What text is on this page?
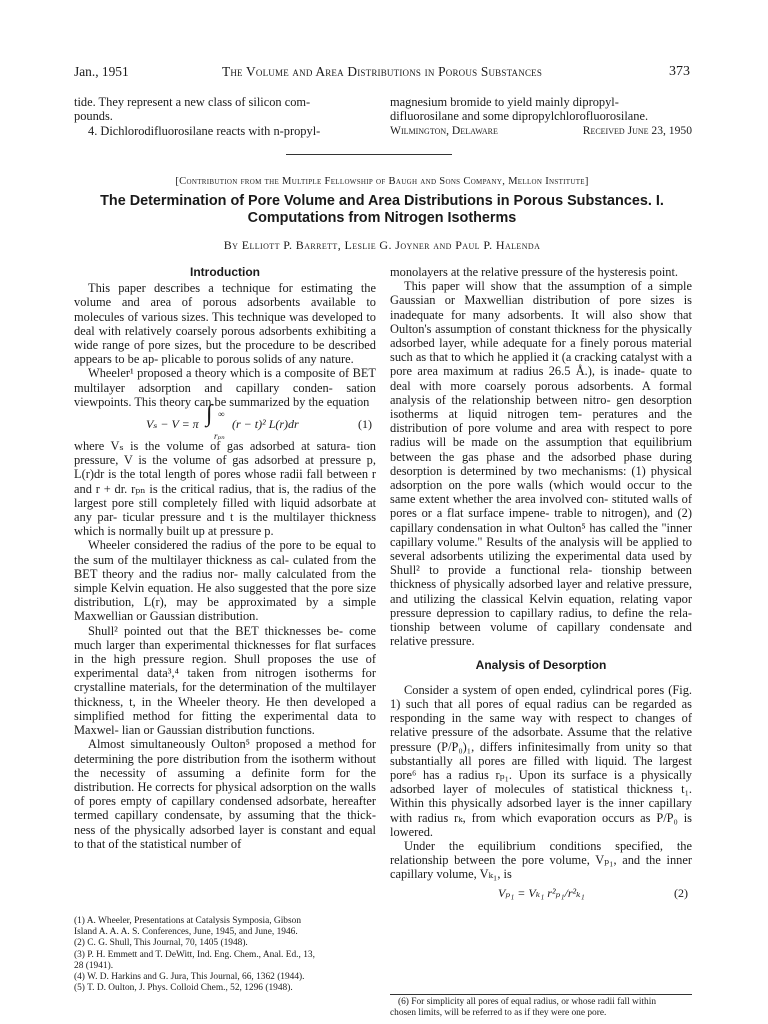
Jan., 1951	The Volume and Area Distributions in Porous Substances	373
tide. They represent a new class of silicon com-
pounds.
4. Dichlorodifluorosilane reacts with n-propyl-
magnesium bromide to yield mainly dipropyl-
difluorosilane and some dipropylchlorofluorosilane.
Wilmington, Delaware	Received June 23, 1950
[Contribution from the Multiple Fellowship of Baugh and Sons Company, Mellon Institute]
The Determination of Pore Volume and Area Distributions in Porous Substances. I.
Computations from Nitrogen Isotherms
By Elliott P. Barrett, Leslie G. Joyner and Paul P. Halenda
Introduction

This paper describes a technique for estimating the volume and area of porous adsorbents available to molecules of various sizes. This technique was developed to deal with relatively coarsely porous adsorbents exhibiting a wide range of pore sizes, but the procedure to be described appears to be ap- plicable to porous solids of any nature.

Wheeler¹ proposed a theory which is a composite of BET multilayer adsorption and capillary conden- sation viewpoints. This theory can be summarized by the equation

Vₛ − V = π ∫ ∞
rₚₙ
(r − t)² L(r)dr	(1)

where Vₛ is the volume of gas adsorbed at satura- tion pressure, V is the volume of gas adsorbed at pressure p, L(r)dr is the total length of pores whose radii fall between r and r + dr. rₚₙ is the critical radius, that is, the radius of the largest pore still completely filled with liquid adsorbate at any par- ticular pressure and t is the multilayer thickness which is normally built up at pressure p.

Wheeler considered the radius of the pore to be equal to the sum of the multilayer thickness as cal- culated from the BET theory and the radius nor- mally calculated from the simple Kelvin equation. He also suggested that the pore size distribution, L(r), may be approximated by a simple Maxwellian or Gaussian distribution.

Shull² pointed out that the BET thicknesses be- come much larger than experimental thicknesses for flat surfaces in the high pressure region. Shull proposes the use of experimental data³,⁴ taken from nitrogen isotherms for crystalline materials, for the determination of the multilayer thickness, t, in the Wheeler theory. He then developed a simplified method for fitting the experimental data to Maxwel- lian or Gaussian distribution functions.

Almost simultaneously Oulton⁵ proposed a method for determining the pore distribution from the isotherm without the necessity of assuming a definite form for the distribution. He corrects for physical adsorption on the walls of pores empty of capillary condensed adsorbate, hereafter termed capillary condensate, by assuming that the thick- ness of the physically adsorbed layer is constant and equal to that of the statistical number of

(1) A. Wheeler, Presentations at Catalysis Symposia, Gibson
Island A. A. A. S. Conferences, June, 1945, and June, 1946.
(2) C. G. Shull, This Journal, 70, 1405 (1948).
(3) P. H. Emmett and T. DeWitt, Ind. Eng. Chem., Anal. Ed., 13,
28 (1941).
(4) W. D. Harkins and G. Jura, This Journal, 66, 1362 (1944).
(5) T. D. Oulton, J. Phys. Colloid Chem., 52, 1296 (1948).

monolayers at the relative pressure of the hysteresis point.

This paper will show that the assumption of a simple Gaussian or Maxwellian distribution of pore sizes is inadequate for many adsorbents. It will also show that Oulton's assumption of constant thickness for the physically adsorbed layer, while adequate for a finely porous material such as that to which he applied it (a cracking catalyst with a pore area maximum at radius 26.5 Å.), is inade- quate to deal with more coarsely porous adsorbents. A formal analysis of the relationship between nitro- gen desorption isotherms at liquid nitrogen tem- peratures and the distribution of pore volume and area with respect to pore radius will be made on the assumption that equilibrium between the gas phase and the adsorbed phase during desorption is determined by two mechanisms: (1) physical adsorption on the pore walls (which would occur to the same extent whether the area involved con- stituted walls of pores or a flat surface impene- trable to nitrogen), and (2) capillary condensation in what Oulton⁵ has called the "inner capillary volume." Results of the analysis will be applied to several adsorbents utilizing the experimental data used by Shull² to provide a functional rela- tionship between thickness of physically adsorbed layer and relative pressure, and utilizing the classical Kelvin equation, relating vapor pressure depression to capillary radius, to define the rela- tionship between volume of capillary condensate and relative pressure.

Analysis of Desorption

Consider a system of open ended, cylindrical pores (Fig. 1) such that all pores of equal radius can be regarded as responding in the same way with respect to changes of relative pressure of the adsorbate. Assume that the relative pressure (P/P₀)₁, differs infinitesimally from unity so that substantially all pores are filled with liquid. The largest pore⁶ has a radius rₚ₁. Upon its surface is a physically adsorbed layer of molecules of statistical thickness t₁. Within this physically adsorbed layer is the inner capillary with radius rₖ, from which evaporation occurs as P/P₀ is lowered.

Under the equilibrium conditions specified, the relationship between the pore volume, Vₚ₁, and the inner capillary volume, Vₖ₁, is

Vₚ₁ = Vₖ₁ r²ₚ₁/r²ₖ₁	(2)
(6) For simplicity all pores of equal radius, or whose radii fall within
chosen limits, will be referred to as if they were one pore.
